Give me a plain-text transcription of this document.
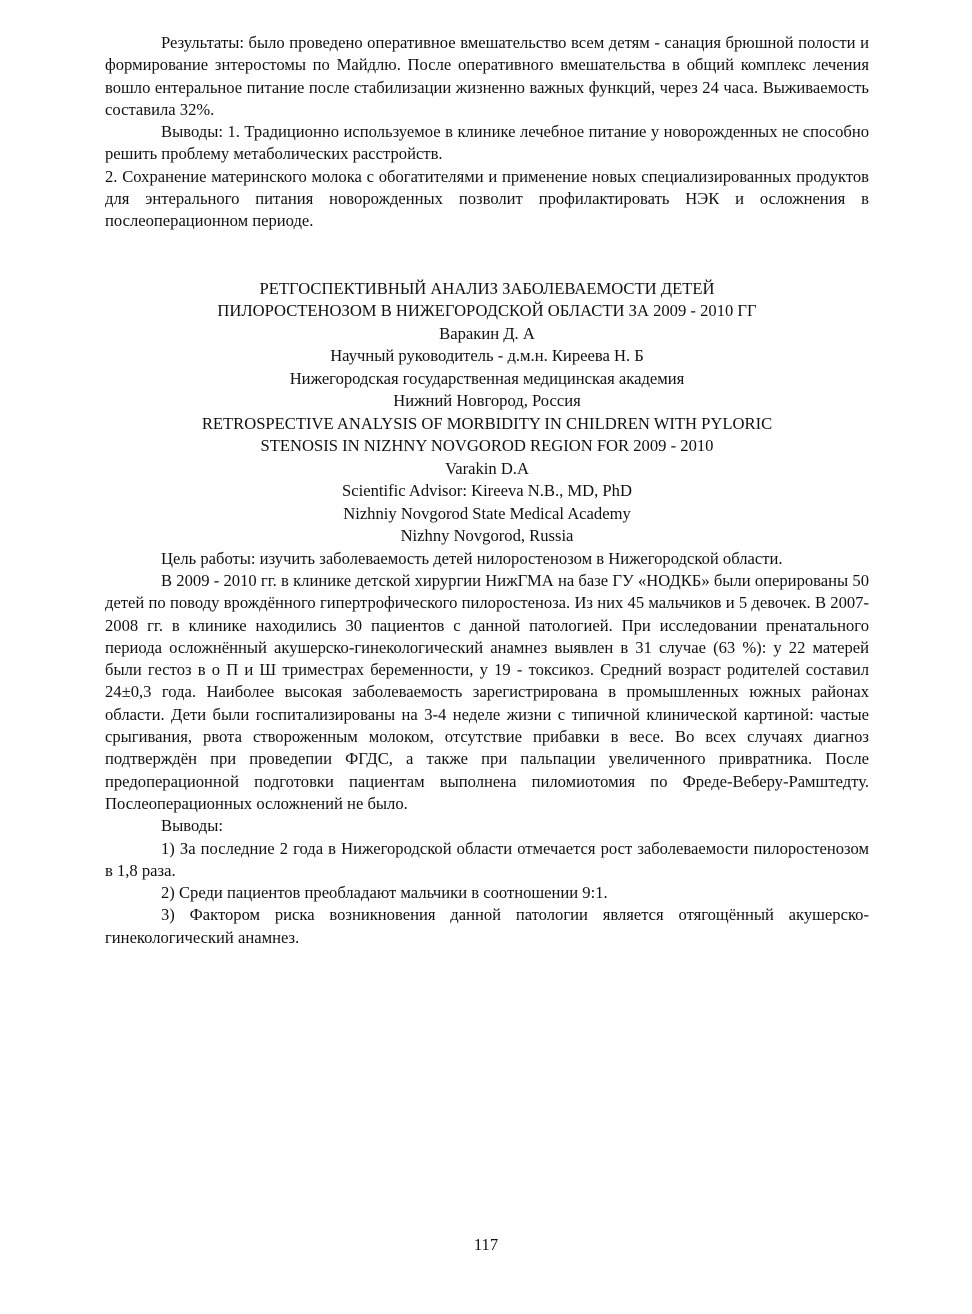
Результаты: было проведено оперативное вмешательство всем детям - санация брюшной полости и формирование знтеростомы по Майдлю. После оперативного вмешательства в общий комплекс лечения вошло ентеральное питание после стабилизации жизненно важных функций, через 24 часа. Выживаемость составила 32%.

Выводы: 1. Традиционно используемое в клинике лечебное питание у новорожденных не способно решить проблему метаболических расстройств.

2. Сохранение материнского молока с обогатителями и применение новых специализированных продуктов для энтерального питания новорожденных позволит профилактировать НЭК и осложнения в послеоперационном периоде.

РЕТГОСПЕКТИВНЫЙ АНАЛИЗ ЗАБОЛЕВАЕМОСТИ ДЕТЕЙ

ПИЛОРОСТЕНОЗОМ В НИЖЕГОРОДСКОЙ ОБЛАСТИ ЗА 2009 - 2010 ГГ

Варакин Д. А

Научный руководитель - д.м.н. Киреева Н. Б

Нижегородская государственная медицинская академия

Нижний Новгород, Россия

RETROSPECTIVE ANALYSIS OF MORBIDITY IN CHILDREN WITH PYLORIC

STENOSIS IN NIZHNY NOVGOROD REGION FOR 2009 - 2010

Varakin D.A

Scientific Advisor: Kireeva N.B., MD, PhD

Nizhniy Novgorod State Medical Academy

Nizhny Novgorod, Russia

Цель работы: изучить заболеваемость детей нилоростенозом в Нижегородской области.

В 2009 - 2010 гг. в клинике детской хирургии НижГМА на базе ГУ «НОДКБ» были оперированы 50 детей по поводу врождённого гипертрофического пилоростеноза. Из них 45 мальчиков и 5 девочек. В 2007- 2008 гг. в клинике находились 30 пациентов с данной патологией. При исследовании пренатального периода осложнённый акушерско-гинекологический анамнез выявлен в 31 случае (63 %): у 22 матерей были гестоз в о П и Ш триместрах беременности, у 19 - токсикоз. Средний возраст родителей составил 24±0,3 года. Наиболее высокая заболеваемость зарегистрирована в промышленных южных районах области. Дети были госпитализированы на 3-4 неделе жизни с типичной клинической картиной: частые срыгивания, рвота створоженным молоком, отсутствие прибавки в весе. Во всех случаях диагноз подтверждён при проведепии ФГДС, а также при пальпации увеличенного привратника. После предоперационной подготовки пациентам выполнена пиломиотомия по Фреде-Веберу-Рамштедту. Послеоперационных осложнений не было.

Выводы:

1) За последние 2 года в Нижегородской области отмечается рост заболеваемости пилоростенозом в 1,8 раза.

2) Среди пациентов преобладают мальчики в соотношении 9:1.

3) Фактором риска возникновения данной патологии является отягощённый акушерско-гинекологический анамнез.

117
